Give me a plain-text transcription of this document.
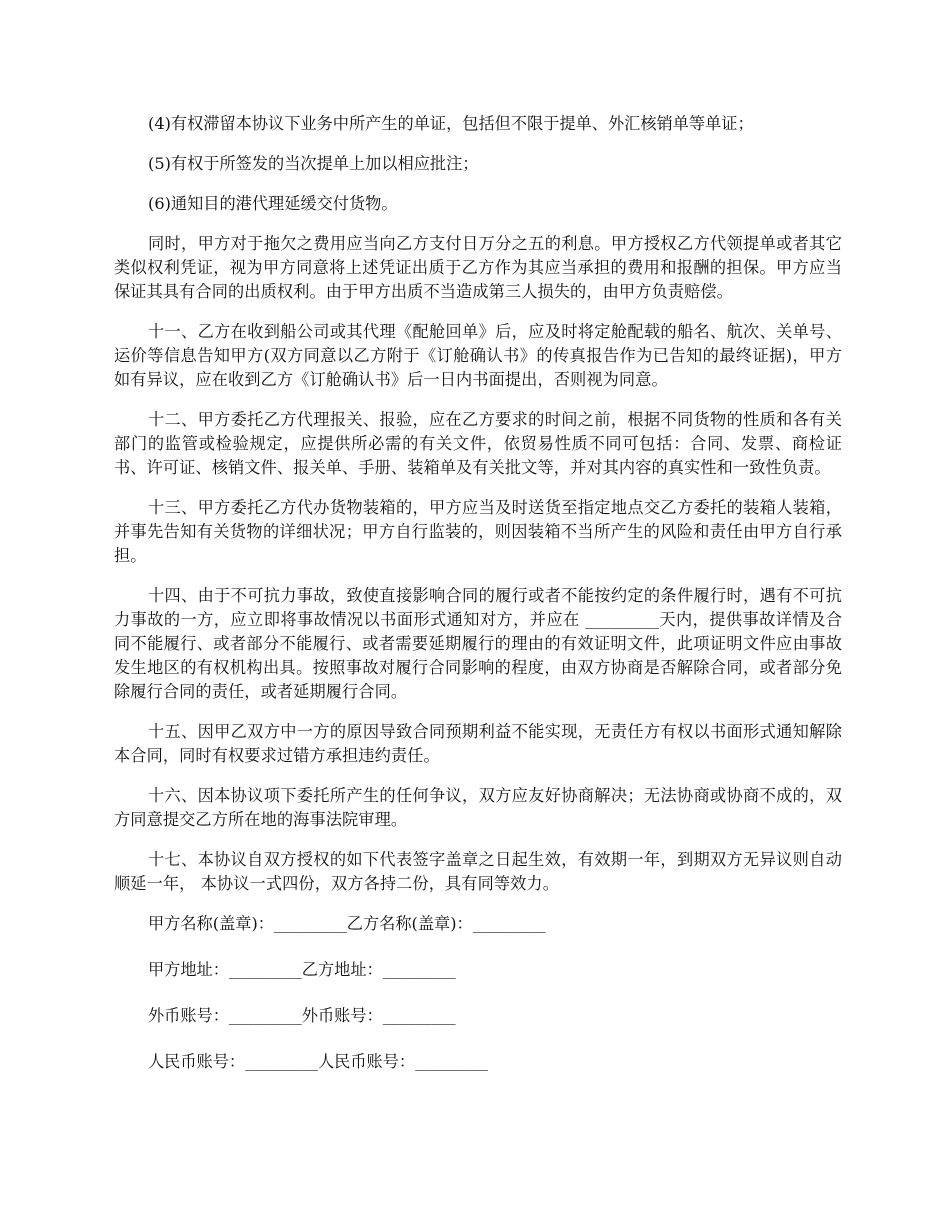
(4)有权滞留本协议下业务中所产生的单证，包括但不限于提单、外汇核销单等单证；

(5)有权于所签发的当次提单上加以相应批注；

(6)通知目的港代理延缓交付货物。

同时，甲方对于拖欠之费用应当向乙方支付日万分之五的利息。甲方授权乙方代领提单或者其它类似权利凭证，视为甲方同意将上述凭证出质于乙方作为其应当承担的费用和报酬的担保。甲方应当保证其具有合同的出质权利。由于甲方出质不当造成第三人损失的，由甲方负责赔偿。

十一、乙方在收到船公司或其代理《配舱回单》后，应及时将定舱配载的船名、航次、关单号、运价等信息告知甲方(双方同意以乙方附于《订舱确认书》的传真报告作为已告知的最终证据)，甲方如有异议，应在收到乙方《订舱确认书》后一日内书面提出，否则视为同意。

十二、甲方委托乙方代理报关、报验，应在乙方要求的时间之前，根据不同货物的性质和各有关部门的监管或检验规定，应提供所必需的有关文件，依贸易性质不同可包括：合同、发票、商检证书、许可证、核销文件、报关单、手册、装箱单及有关批文等，并对其内容的真实性和一致性负责。

十三、甲方委托乙方代办货物装箱的，甲方应当及时送货至指定地点交乙方委托的装箱人装箱，并事先告知有关货物的详细状况；甲方自行监装的，则因装箱不当所产生的风险和责任由甲方自行承担。

十四、由于不可抗力事故，致使直接影响合同的履行或者不能按约定的条件履行时，遇有不可抗力事故的一方，应立即将事故情况以书面形式通知对方，并应在 _________天内，提供事故详情及合同不能履行、或者部分不能履行、或者需要延期履行的理由的有效证明文件，此项证明文件应由事故发生地区的有权机构出具。按照事故对履行合同影响的程度，由双方协商是否解除合同，或者部分免除履行合同的责任，或者延期履行合同。

十五、因甲乙双方中一方的原因导致合同预期利益不能实现，无责任方有权以书面形式通知解除本合同，同时有权要求过错方承担违约责任。

十六、因本协议项下委托所产生的任何争议，双方应友好协商解决；无法协商或协商不成的，双方同意提交乙方所在地的海事法院审理。

十七、本协议自双方授权的如下代表签字盖章之日起生效，有效期一年，到期双方无异议则自动顺延一年， 本协议一式四份，双方各持二份，具有同等效力。

甲方名称(盖章)：_________乙方名称(盖章)：_________

甲方地址：_________乙方地址：_________

外币账号：_________外币账号：_________

人民币账号：_________人民币账号：_________
